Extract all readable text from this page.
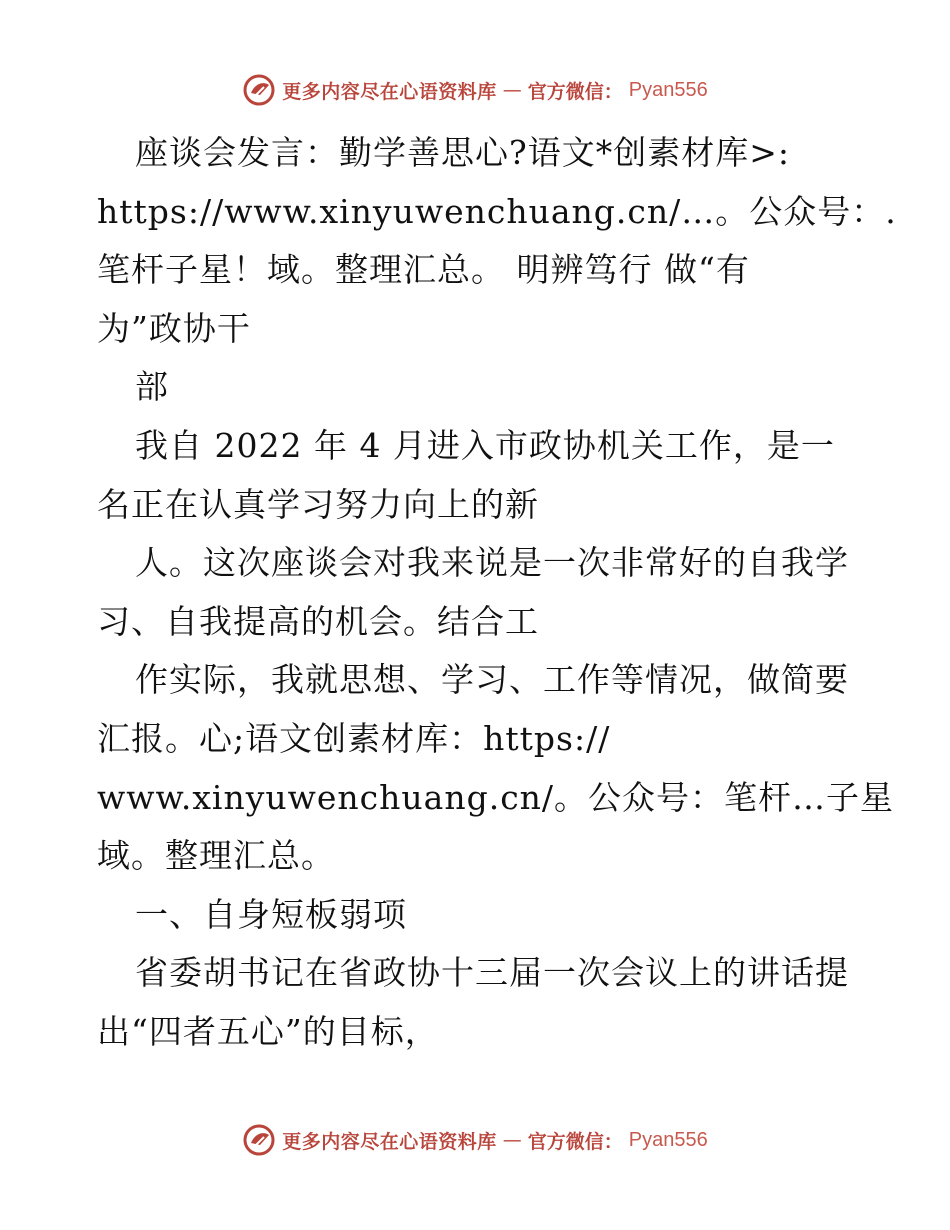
更多内容尽在心语资料库 — 官方微信： Pyan556
座谈会发言：勤学善思心?语文*创素材库>:
https://www.xinyuwenchuang.cn/…。公众号：.
笔杆子星！域。整理汇总。 明辨笃行 做“有
为”政协干
部
我自 2022 年 4 月进入市政协机关工作，是一
名正在认真学习努力向上的新
人。这次座谈会对我来说是一次非常好的自我学
习、自我提高的机会。结合工
作实际，我就思想、学习、工作等情况，做简要
汇报。心;语文创素材库：https://
www.xinyuwenchuang.cn/。公众号：笔杆…子星
域。整理汇总。
一、自身短板弱项
省委胡书记在省政协十三届一次会议上的讲话提
出“四者五心”的目标，
更多内容尽在心语资料库 — 官方微信： Pyan556
